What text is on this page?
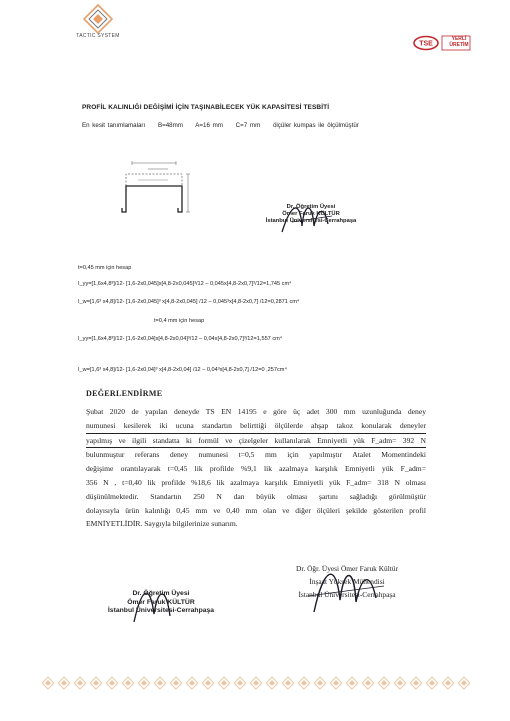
TACTIC SYSTEM
TSE
YERLİ ÜRETİM
PROFİL KALINLIĞI DEĞİŞİMİ İÇİN TAŞINABİLECEK YÜK KAPASİTESİ TESBİTİ
En kesit tanımlamaları B=48mm A=16 mm C=7 mm ölçüler kumpas ile ölçülmüştür
Dr. Öğretim Üyesi
Ömer Faruk KÜLTÜR
İstanbul Üniversitesi-Cerrahpaşa
t=0,45 mm için hesap
I_yy=[1,6x4,8³]/12- [1,6-2x0,045]x[4,8-2x0,045]³/12 – 0,045x[4,8-2x0,7]³/12=1,745 cm⁴
I_w=[1,6³ x4,8]/12- [1,6-2x0,045]³ x[4,8-2x0,045] /12 – 0,045³x[4,8-2x0,7] /12=0,2871 cm⁴
t=0,4 mm için hesap
I_yy=[1,6x4,8³]/12- [1,6-2x0,04]x[4,8-2x0,04]³/12 – 0,04x[4,8-2x0,7]³/12=1,557 cm⁴
I_w=[1,6³ x4,8]/12- [1,6-2x0,04]³ x[4,8-2x0,04] /12 – 0,04³x[4,8-2x0,7] /12=0 ,257cm⁴
DEĞERLENDİRME
Şubat 2020 de yapılan deneyde TS EN 14195 e göre üç adet 300 mm uzunluğunda deney
numunesi kesilerek iki ucuna standartın belirttiği ölçülerde ahşap takoz konularak deneyler
yapılmış ve ilgili standatta ki formül ve çizelgeler kullanılarak Emniyetli yük F_adm= 392 N
bulunmuştur referans deney numunesi t=0,5 mm için yapılmıştır Atalet Momentindeki
değişime orantılayarak t=0,45 lik profilde %9,1 lik azalmaya karşılık Emniyetli yük F_adm=
356 N , t=0,40 lik profilde %18,6 lik azalmaya karşılık Emniyetli yük F_adm= 318 N olması
düşünülmektedir. Standartın 250 N dan büyük olması şartını sağladığı görülmüştür
dolayısıyla ürün kalınlığı 0,45 mm ve 0,40 mm olan ve diğer ölçüleri şekilde gösterilen profil
EMNİYETLİDİR. Saygıyla bilgilerinize sunarım.
Dr. Öğr. Üyesi Ömer Faruk Kültür
İnşaat Yüksek Mühendisi
İstanbul Üniversitesi-Cerrahpaşa
Dr. Öğretim Üyesi
Ömer Faruk KÜLTÜR
İstanbul Üniversitesi-Cerrahpaşa
